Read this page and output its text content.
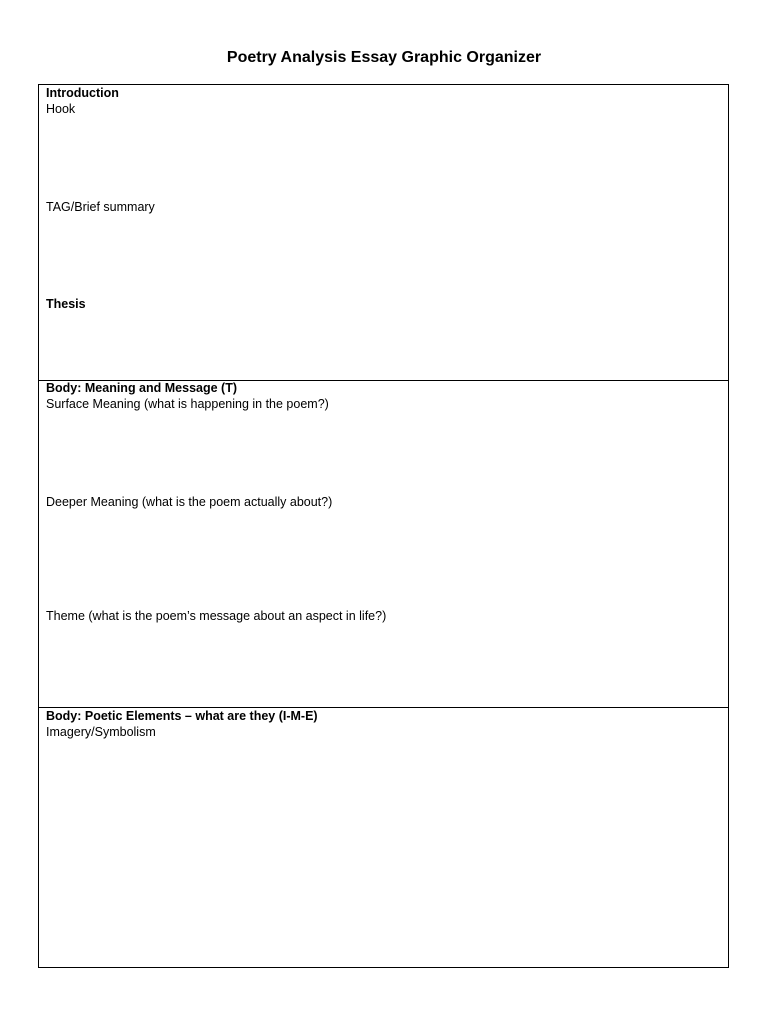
Poetry Analysis Essay Graphic Organizer
Introduction
Hook
TAG/Brief summary
Thesis
Body: Meaning and Message (T)
Surface Meaning (what is happening in the poem?)
Deeper Meaning (what is the poem actually about?)
Theme (what is the poem’s message about an aspect in life?)
Body: Poetic Elements – what are they (I-M-E)
Imagery/Symbolism
